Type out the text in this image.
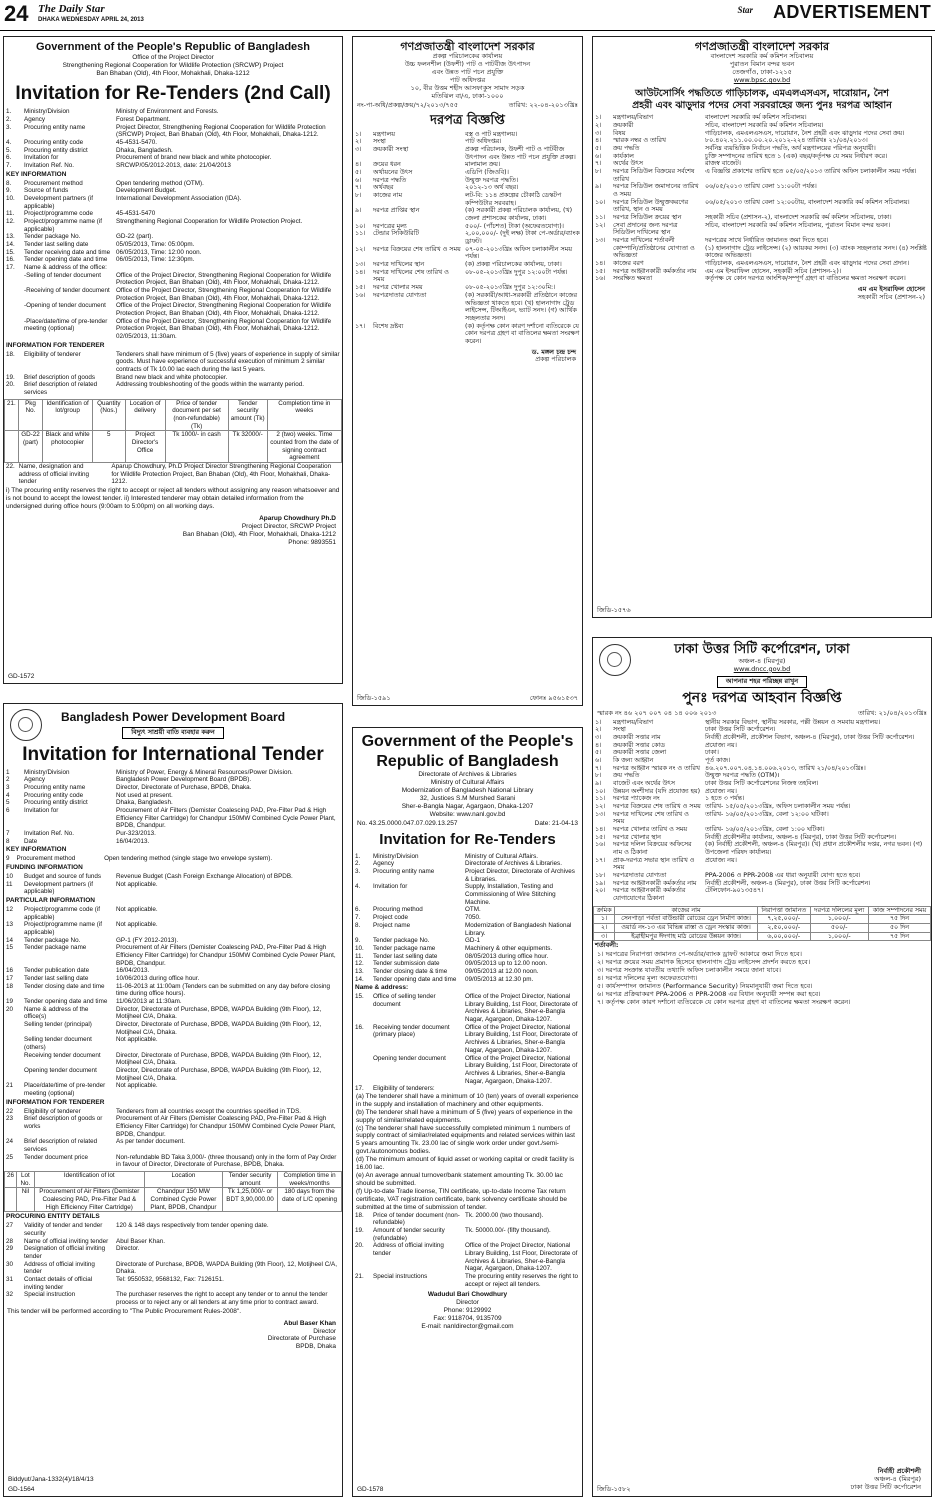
24 The Daily Star
DHAKA WEDNESDAY APRIL 24, 2013
Star ADVERTISEMENT
Government of the People's Republic of Bangladesh
Office of the Project Director
Strengthening Regional Cooperation for Wildlife Protection (SRCWP) Project
Ban Bhaban (Old), 4th Floor, Mohakhali, Dhaka-1212
Invitation for Re-Tenders (2nd Call)
1.	Ministry/Division	Ministry of Environment and Forests.
2.	Agency	Forest Department.
3.	Procuring entity name	Project Director, Strengthening Regional Cooperation for Wildlife Protection (SRCWP) Project, Ban Bhaban (Old), 4th Floor, Mohakhali, Dhaka-1212.
4.	Procuring entity code	45-4531-5470.
5.	Procuring entity district	Dhaka, Bangladesh.
6.	Invitation for	Procurement of brand new black and white photocopier.
7.	Invitation Ref. No.	SRCWP/05/2012-2013, date: 21/04/2013
KEY INFORMATION
8.	Procurement method	Open tendering method (OTM).
9.	Source of funds	Development Budget.
10.	Development partners (if applicable)	International Development Association (IDA).
11.	Project/programme code	45-4531-5470
12.	Project/programme name (if applicable)	Strengthening Regional Cooperation for Wildlife Protection Project.
13.	Tender package No.	GD-22 (part).
14.	Tender last selling date	05/05/2013, Time: 05:00pm.
15.	Tender receiving date and time	06/05/2013, Time: 12:00 noon.
16.	Tender opening date and time	06/05/2013, Time: 12:30pm.
17.	Name & address of the office:	
	-Selling of tender document	Office of the Project Director, Strengthening Regional Cooperation for Wildlife Protection Project, Ban Bhaban (Old), 4th Floor, Mohakhali, Dhaka-1212.
	-Receiving of tender document	Office of the Project Director, Strengthening Regional Cooperation for Wildlife Protection Project, Ban Bhaban (Old), 4th Floor, Mohakhali, Dhaka-1212.
	-Opening of tender document	Office of the Project Director, Strengthening Regional Cooperation for Wildlife Protection Project, Ban Bhaban (Old), 4th Floor, Mohakhali, Dhaka-1212.
	-Place/date/time of pre-tender meeting (optional)	Office of the Project Director, Strengthening Regional Cooperation for Wildlife Protection Project, Ban Bhaban (Old), 4th Floor, Mohakhali, Dhaka-1212. 02/05/2013, 11:30am.
INFORMATION FOR TENDERER
18.	Eligibility of tenderer	Tenderers shall have minimum of 5 (five) years of experience in supply of similar goods. Must have experience of successful execution of minimum 2 similar contracts of Tk 10.00 lac each during the last 5 years.
19.	Brief description of goods	Brand new black and white photocopier.
20.	Brief description of related services	Addressing troubleshooting of the goods within the warranty period.
21.	Pkg No.	Identification of lot/group	Quantity (Nos.)	Location of delivery	Price of tender document per set (non-refundable) (Tk)	Tender security amount (Tk)	Completion time in weeks
	GD-22 (part)	Black and white photocopier	5	Project Director's Office	Tk 1000/- in cash	Tk 32000/-	2 (two) weeks. Time counted from the date of signing contract agreement
22.	Name, designation and address of official inviting tender	Aparup Chowdhury, Ph.D Project Director Strengthening Regional Cooperation for Wildlife Protection Project, Ban Bhaban (Old), 4th Floor, Mohakhali, Dhaka-1212.
i) The procuring entity reserves the right to accept or reject all tenders without assigning any reason whatsoever and is not bound to accept the lowest tender. ii) Interested tenderer may obtain detailed information from the undersigned during office hours (9:00am to 5:00pm) on all working days.
Aparup Chowdhury Ph.D
Project Director, SRCWP Project
Ban Bhaban (Old), 4th Floor, Mohakhali, Dhaka-1212
Phone: 9893551
GD-1572
গণপ্রজাতন্ত্রী বাংলাদেশ সরকার
প্রকল্প পরিচালকের কার্যালয়
উচ্চ ফলনশীল (উফশী) পাট ও পাটবীজ উৎপাদন
এবং উন্নত পাট পচন প্রযুক্তি
পাট অধিদপ্তর
১০, বীর উত্তম শহীদ আসফাকুস সামাদ সড়ক
মতিঝিল বা/এ, ঢাকা-১০০০
নং-পা-অধি/প্রকল্প/ক্রয়/৭২/২০১৩/৭৫৫	তারিখ: ২২-০৪-২০১৩খ্রিঃ
দরপত্র বিজ্ঞপ্তি
১।	মন্ত্রণালয়	বস্ত্র ও পাট মন্ত্রণালয়।
২।	সংস্থা	পাট অধিদপ্তর।
৩।	ক্রয়কারী সংস্থা	প্রকল্প পরিচালক, উফশী পাট ও পাটবীজ উৎপাদন এবং উন্নত পাট পচন প্রযুক্তি প্রকল্প।
৪।	ক্রয়ের ধরন	মালামাল ক্রয়।
৫।	অর্থায়নের উৎস	এডিপি (জিওবি)।
৬।	দরপত্র পদ্ধতি	উন্মুক্ত দরপত্র পদ্ধতি।
৭।	অর্থবছর	২০১২-১৩ অর্থ বছর।
৮।	কাজের নাম	লট-বি: ১১৪ প্রকল্পের চৌকাঠি ডেস্কটপ কম্পিউটার সরবরাহ।
৯।	দরপত্র প্রাপ্তির স্থান	(ক) সরকারী প্রকল্প পরিচালক কার্যালয়, (খ) জেলা প্রশাসকের কার্যালয়, ঢাকা।
১০।	দরপত্রের মূল্য	৫০০/- (পাঁচশত) টাকা (অফেরতযোগ্য)।
১১।	টেন্ডার সিকিউরিটি	২,০০,০০০/- (দুই লক্ষ) টাকা পে-অর্ডার/ব্যাংক ড্রাফট।
১২।	দরপত্র বিক্রয়ের শেষ তারিখ ও সময়	০৭-০৫-২০১৩খ্রিঃ অফিস চলাকালীন সময় পর্যন্ত।
১৩।	দরপত্র দাখিলের স্থান	(ক) প্রকল্প পরিচালকের কার্যালয়, ঢাকা।
১৪।	দরপত্র দাখিলের শেষ তারিখ ও সময়	০৮-০৫-২০১৩খ্রিঃ দুপুর ১২:০০টা পর্যন্ত।
১৫।	দরপত্র খোলার সময়	০৮-০৫-২০১৩খ্রিঃ দুপুর ১২:৩০মি:।
১৬।	দরপত্রদাতার যোগ্যতা	(ক) সরকারী/আধা-সরকারী প্রতিষ্ঠানে কাজের অভিজ্ঞতা থাকতে হবে। (খ) হালনাগাদ ট্রেড লাইসেন্স, টিআইএন, ভ্যাট সনদ। (গ) আর্থিক সচ্ছলতার সনদ।
১৭।	বিশেষ দ্রষ্টব্য	(ক) কর্তৃপক্ষ কোন কারণ দর্শানো ব্যতিরেকে যে কোন দরপত্র গ্রহণ বা বাতিলের ক্ষমতা সংরক্ষণ করেন।
ড. মঙ্গল চন্দ্র চন্দ
প্রকল্প পরিচালক
জিডি-১৫৯১	ফোনঃ ৯৫৬১৫৩৭
গণপ্রজাতন্ত্রী বাংলাদেশ সরকার
বাংলাদেশ সরকারি কর্ম কমিশন সচিবালয়
পুরাতন বিমান বন্দর ভবন
তেজগাঁও, ঢাকা-১২১৫
www.bpsc.gov.bd
আউটসোর্সিং পদ্ধতিতে গাড়িচালক, এমএলএসএস, দারোয়ান, নৈশ
প্রহরী এবং ঝাড়ুদার পদের সেবা সরবরাহের জন্য পুনঃ দরপত্র আহ্বান
১।	মন্ত্রণালয়/বিভাগ	বাংলাদেশ সরকারি কর্ম কমিশন সচিবালয়।
২।	ক্রয়কারী	সচিব, বাংলাদেশ সরকারি কর্ম কমিশন সচিবালয়।
৩।	বিষয়	গাড়িচালক, এমএলএসএস, দারোয়ান, নৈশ প্রহরী এবং ঝাড়ুদার পদের সেবা ক্রয়।
৪।	স্মারক নম্বর ও তারিখ	৮০.৪০২.২১১.০০.০০.২০.২০১২-২২৪ তারিখঃ ২১/০৪/২০১৩।
৫।	ক্রয় পদ্ধতি	সর্বনিম্ন ব্যয়ভিত্তিক নির্বাচন পদ্ধতি, অর্থ মন্ত্রণালয়ের পরিপত্র অনুযায়ী।
৬।	কার্যকাল	চুক্তি সম্পাদনের তারিখ হতে ১ (এক) বছর/কর্তৃপক্ষ যে সময় নির্ধারণ করে।
৭।	অর্থের উৎস	রাজস্ব বাজেট।
৮।	দরপত্র সিডিউল বিক্রয়ের সর্বশেষ তারিখ	এ বিজ্ঞপ্তি প্রকাশের তারিখ হতে ০৫/০৫/২০১৩ তারিখ অফিস চলাকালীন সময় পর্যন্ত।
৯।	দরপত্র সিডিউল জমাদানের তারিখ ও সময়	০৬/০৫/২০১৩ তারিখ বেলা ১১:০০টা পর্যন্ত।
১০।	দরপত্র সিডিউল উন্মুক্তকরণের তারিখ, স্থান ও সময়	০৬/০৫/২০১৩ তারিখ বেলা ১২:০০টায়, বাংলাদেশ সরকারি কর্ম কমিশন সচিবালয়।
১১।	দরপত্র সিডিউল ক্রয়ের স্থান	সহকারী সচিব (প্রশাসন-২), বাংলাদেশ সরকারি কর্ম কমিশন সচিবালয়, ঢাকা।
১২।	সেবা প্রদানের জন্য দরপত্র সিডিউল দাখিলের স্থান	সচিব, বাংলাদেশ সরকারি কর্ম কমিশন সচিবালয়, পুরাতন বিমান বন্দর ভবন।
১৩।	দরপত্র দাখিলের শর্তাবলী	দরপত্রের সাথে নির্ধারিত জামানত জমা দিতে হবে।
	কোম্পানি/প্রতিষ্ঠানের যোগ্যতা ও অভিজ্ঞতা	(১) হালনাগাদ ট্রেড লাইসেন্স। (২) আয়কর সনদ। (৩) ব্যাংক সচ্ছলতার সনদ। (৪) সংশ্লিষ্ট কাজের অভিজ্ঞতা।
১৪।	কাজের বরণ	গাড়িচালক, এমএলএসএস, দারোয়ান, নৈশ প্রহরী এবং ঝাড়ুদার পদের সেবা প্রদান।
১৫।	দরপত্র আহ্বানকারী কর্মকর্তার নাম	এম এম ইসরাফিল হোসেন, সহকারী সচিব (প্রশাসন-২)।
১৬।	সংরক্ষিত ক্ষমতা	কর্তৃপক্ষ যে কোন দরপত্র আংশিক/সম্পূর্ণ গ্রহণ বা বাতিলের ক্ষমতা সংরক্ষণ করেন।
এম এম ইসরাফিল হোসেন
সহকারী সচিব (প্রশাসন-২)
জিডি-১৫৭৬
ঢাকা উত্তর সিটি কর্পোরেশন, ঢাকা
অঞ্চল-৪ (মিরপুর)
www.dncc.gov.bd
আপনার শহর পরিচ্ছন্ন রাখুন
পুনঃ দরপত্র আহবান বিজ্ঞপ্তি
স্মারক নং ৪৬ ২০৭ ০০৭ ০৪ ১৪ ০০৬ ২০১৩	তারিখ: ২১/০৪/২০১৩খ্রিঃ
১।	মন্ত্রণালয়/বিভাগ	স্থানীয় সরকার বিভাগ, স্থানীয় সরকার, পল্লী উন্নয়ন ও সমবায় মন্ত্রণালয়।
২।	সংস্থা	ঢাকা উত্তর সিটি কর্পোরেশন।
৩।	ক্রয়কারী সত্তার নাম	নির্বাহী প্রকৌশলী, প্রকৌশল বিভাগ, অঞ্চল-৪ (মিরপুর), ঢাকা উত্তর সিটি কর্পোরেশন।
৪।	ক্রয়কারী সত্তার কোড	প্রযোজ্য নয়।
৫।	ক্রয়কারী সত্তার জেলা	ঢাকা।
৬।	কি জন্য আহ্বান	পূর্ত কাজ।
৭।	দরপত্র আহ্বান স্মারক নং ও তারিখ	৪৬.২০৭.০০৭.০৪.১৪.০০৬.২০১৩, তারিখ ২১/০৪/২০১৩খ্রিঃ।
৮।	ক্রয় পদ্ধতি	উন্মুক্ত দরপত্র পদ্ধতি (OTM)।
৯।	বাজেট এবং অর্থের উৎস	ঢাকা উত্তর সিটি কর্পোরেশনের নিজস্ব তহবিল।
১০।	উন্নয়ন অংশীদার (যদি প্রযোজ্য হয়)	প্রযোজ্য নয়।
১১।	দরপত্র প্যাকেজ নং	১ হতে ৩ পর্যন্ত।
১২।	দরপত্র বিক্রয়ের শেষ তারিখ ও সময়	তারিখ- ১৫/০৫/২০১৩খ্রিঃ, অফিস চলাকালীন সময় পর্যন্ত।
১৩।	দরপত্র দাখিলের শেষ তারিখ ও সময়	তারিখ- ১৬/০৫/২০১৩খ্রিঃ, বেলা ১২:০০ ঘটিকা।
১৪।	দরপত্র খোলার তারিখ ও সময়	তারিখ- ১৬/০৫/২০১৩খ্রিঃ, বেলা ১:০০ ঘটিকা।
১৫।	দরপত্র খোলার স্থান	নির্বাহী প্রকৌশলীর কার্যালয়, অঞ্চল-৪ (মিরপুর), ঢাকা উত্তর সিটি কর্পোরেশন।
১৬।	দরপত্র দলিল বিক্রয়ের অফিসের নাম ও ঠিকানা	(ক) নির্বাহী প্রকৌশলী, অঞ্চল-৪ (মিরপুর)। (খ) প্রধান প্রকৌশলীর দপ্তর, নগর ভবন। (গ) উপজেলা পরিষদ কার্যালয়।
১৭।	প্রাক-দরপত্র সভার স্থান তারিখ ও সময়	প্রযোজ্য নয়।
১৮।	দরপত্রদাতার যোগ্যতা	PPA-2006 ও PPR-2008 এর ধারা অনুযায়ী যোগ্য হতে হবে।
১৯।	দরপত্র আহ্বানকারী কর্মকর্তার নাম	নির্বাহী প্রকৌশলী, অঞ্চল-৪ (মিরপুর), ঢাকা উত্তর সিটি কর্পোরেশন।
২০।	দরপত্র আহ্বানকারী কর্মকর্তার যোগাযোগের ঠিকানা	টেলিফোন-৯০১৩৫৪৭।
ক্রমিক	কাজের নাম	নিরাপত্তা জামানত	দরপত্র দলিলের মূল্য	কাজ সম্পাদনের সময়
১।	সেনপাড়া পর্বতা বাউন্ডারী রোডের ড্রেন নির্মাণ কাজ।	৭,২৫,০০০/-	১,০০০/-	৭৫ দিন
২।	ওয়ার্ড নং-১৩ এর বিভিন্ন রাস্তা ও ড্রেন সংস্কার কাজ।	২,৫০,০০০/-	৫০০/-	৫০ দিন
৩।	ইব্রাহীমপুর ঈদগাহ মাঠ রোডের উন্নয়ন কাজ।	৬,০০,০০০/-	১,০০০/-	৭৫ দিন
শর্তাবলী:
১। দরপত্রের নিরাপত্তা জামানত পে-অর্ডার/ব্যাংক ড্রাফট আকারে জমা দিতে হবে।
২। দরপত্র ক্রয়ের সময় প্রমাণক হিসেবে হালনাগাদ ট্রেড লাইসেন্স প্রদর্শন করতে হবে।
৩। দরপত্র সংক্রান্ত যাবতীয় তথ্যাদি অফিস চলাকালীন সময়ে জানা যাবে।
৪। দরপত্র দলিলের মূল্য অফেরতযোগ্য।
৫। কার্যসম্পাদন জামানত (Performance Security) নিয়মানুযায়ী জমা দিতে হবে।
৬। দরপত্র প্রক্রিয়াকরণ PPA-2006 ও PPR-2008 এর বিধান অনুযায়ী সম্পন্ন করা হবে।
৭। কর্তৃপক্ষ কোন কারণ দর্শানো ব্যতিরেকে যে কোন দরপত্র গ্রহণ বা বাতিলের ক্ষমতা সংরক্ষণ করেন।
নির্বাহী প্রকৌশলী
অঞ্চল-৪ (মিরপুর)
ঢাকা উত্তর সিটি কর্পোরেশন
জিডি-১৫৮২
Bangladesh Power Development Board
বিদ্যুৎ সাশ্রয়ী বাতি ব্যবহার করুন
Invitation for International Tender
1	Ministry/Division	Ministry of Power, Energy & Mineral Resources/Power Division.
2	Agency	Bangladesh Power Development Board (BPDB).
3	Procuring entity name	Director, Directorate of Purchase, BPDB, Dhaka.
4	Procuring entity code	Not used at present.
5	Procuring entity district	Dhaka, Bangladesh.
6	Invitation for	Procurement of Air Filters (Demister Coalescing PAD, Pre-Filter Pad & High Efficiency Filter Cartridge) for Chandpur 150MW Combined Cycle Power Plant, BPDB, Chandpur.
7	Invitation Ref. No.	Pur-323/2013.
8	Date	16/04/2013.
KEY INFORMATION
9	Procurement method	Open tendering method (single stage two envelope system).
FUNDING INFORMATION
10	Budget and source of funds	Revenue Budget (Cash Foreign Exchange Allocation) of BPDB.
11	Development partners (if applicable)	Not applicable.
PARTICULAR INFORMATION
12	Project/programme code (if applicable)	Not applicable.
13	Project/programme name (if applicable)	Not applicable.
14	Tender package No.	GP-1 (FY 2012-2013).
15	Tender package name	Procurement of Air Filters (Demister Coalescing PAD, Pre-Filter Pad & High Efficiency Filter Cartridge) for Chandpur 150MW Combined Cycle Power Plant, BPDB, Chandpur.
16	Tender publication date	16/04/2013.
17	Tender last selling date	10/06/2013 during office hour.
18	Tender closing date and time	11-06-2013 at 11:00am (Tenders can be submitted on any day before closing time during office hours).
19	Tender opening date and time	11/06/2013 at 11:30am.
20	Name & address of the office(s)	Director, Directorate of Purchase, BPDB, WAPDA Building (9th Floor), 12, Motijheel C/A, Dhaka.
	Selling tender (principal)	Director, Directorate of Purchase, BPDB, WAPDA Building (9th Floor), 12, Motijheel C/A, Dhaka.
	Selling tender document (others)	Not applicable.
	Receiving tender document	Director, Directorate of Purchase, BPDB, WAPDA Building (9th Floor), 12, Motijheel C/A, Dhaka.
	Opening tender document	Director, Directorate of Purchase, BPDB, WAPDA Building (9th Floor), 12, Motijheel C/A, Dhaka.
21	Place/date/time of pre-tender meeting (optional)	Not applicable.
INFORMATION FOR TENDERER
22	Eligibility of tenderer	Tenderers from all countries except the countries specified in TDS.
23	Brief description of goods or works	Procurement of Air Filters (Demister Coalescing PAD, Pre-Filter Pad & High Efficiency Filter Cartridge) for Chandpur 150MW Combined Cycle Power Plant, BPDB, Chandpur.
24	Brief description of related services	As per tender document.
25	Tender document price	Non-refundable BD Taka 3,000/- (three thousand) only in the form of Pay Order in favour of Director, Directorate of Purchase, BPDB, Dhaka.
26	Lot No.	Identification of lot	Location	Tender security amount	Completion time in weeks/months
	Nil	Procurement of Air Filters (Demister Coalescing PAD, Pre-Filter Pad & High Efficiency Filter Cartridge)	Chandpur 150 MW Combined Cycle Power Plant, BPDB, Chandpur	Tk 1,25,000/- or BDT 3,90,000.00	180 days from the date of L/C opening
PROCURING ENTITY DETAILS
27	Validity of tender and tender security	120 & 148 days respectively from tender opening date.
28	Name of official inviting tender	Abul Baser Khan.
29	Designation of official inviting tender	Director.
30	Address of official inviting tender	Directorate of Purchase, BPDB, WAPDA Building (9th Floor), 12, Motijheel C/A, Dhaka.
31	Contact details of official inviting tender	Tel: 9550532, 9568132, Fax: 7126151.
32	Special instruction	The purchaser reserves the right to accept any tender or to annul the tender process or to reject any or all tenders at any time prior to contract award.
This tender will be performed according to "The Public Procurement Rules-2008".
Abul Baser Khan
Director
Directorate of Purchase
BPDB, Dhaka
Biddyut/Jana-1332(4)/18/4/13
GD-1564
Government of the People's
Republic of Bangladesh
Directorate of Archives & Libraries
Ministry of Cultural Affairs
Modernization of Bangladesh National Library
32, Justices S.M Murshed Sarani
Sher-e-Bangla Nagar, Agargaon, Dhaka-1207
Website: www.nanl.gov.bd
No. 43.25.0000.047.07.029.13.257	Date: 21-04-13
Invitation for Re-Tenders
1.	Ministry/Division	Ministry of Cultural Affairs.
2.	Agency	Directorate of Archives & Libraries.
3.	Procuring entity name	Project Director, Directorate of Archives & Libraries.
4.	Invitation for	Supply, Installation, Testing and Commissioning of Wire Stitching Machine.
6.	Procuring method	OTM.
7.	Project code	7050.
8.	Project name	Modernization of Bangladesh National Library.
9.	Tender package No.	GD-1
10.	Tender package name	Machinery & other equipments.
11.	Tender last selling date	08/05/2013 during office hour.
12.	Tender submission date	09/05/2013 up to 12.00 noon.
13.	Tender closing date & time	09/05/2013 at 12.00 noon.
14.	Tender opening date and time	09/05/2013 at 12.30 pm.
Name & address:
15.	Office of selling tender document	Office of the Project Director, National Library Building, 1st Floor, Directorate of Archives & Libraries, Sher-e-Bangla Nagar, Agargaon, Dhaka-1207.
16.	Receiving tender document (primary place)	Office of the Project Director, National Library Building, 1st Floor, Directorate of Archives & Libraries, Sher-e-Bangla Nagar, Agargaon, Dhaka-1207.
	Opening tender document	Office of the Project Director, National Library Building, 1st Floor, Directorate of Archives & Libraries, Sher-e-Bangla Nagar, Agargaon, Dhaka-1207.
17.	Eligibility of tenderers:	
(a) The tenderer shall have a minimum of 10 (ten) years of overall experience in the supply and installation of machinery and other equipments.
(b) The tenderer shall have a minimum of 5 (five) years of experience in the supply of similar/related equipments.
(c) The tenderer shall have successfully completed minimum 1 numbers of supply contract of similar/related equipments and related services within last 5 years amounting Tk. 23.00 lac of single work order under govt./semi-govt./autonomous bodies.
(d) The minimum amount of liquid asset or working capital or credit facility is 16.00 lac.
(e) An average annual turnover/bank statement amounting Tk. 30.00 lac should be submitted.
(f) Up-to-date Trade license, TIN certificate, up-to-date Income Tax return certificate, VAT registration certificate, bank solvency certificate should be submitted at the time of submission of tender.
18.	Price of tender document (non-refundable)	Tk. 2000.00 (two thousand).
19.	Amount of tender security (refundable)	Tk. 50000.00/- (fifty thousand).
20.	Address of official inviting tender	Office of the Project Director, National Library Building, 1st Floor, Directorate of Archives & Libraries, Sher-e-Bangla Nagar, Agargaon, Dhaka-1207.
21.	Special instructions	The procuring entity reserves the right to accept or reject all tenders.
Wadudul Bari Chowdhury
Director
Phone: 9129992
Fax: 9118704, 9135709
E-mail: nanldirector@gmail.com
GD-1578
